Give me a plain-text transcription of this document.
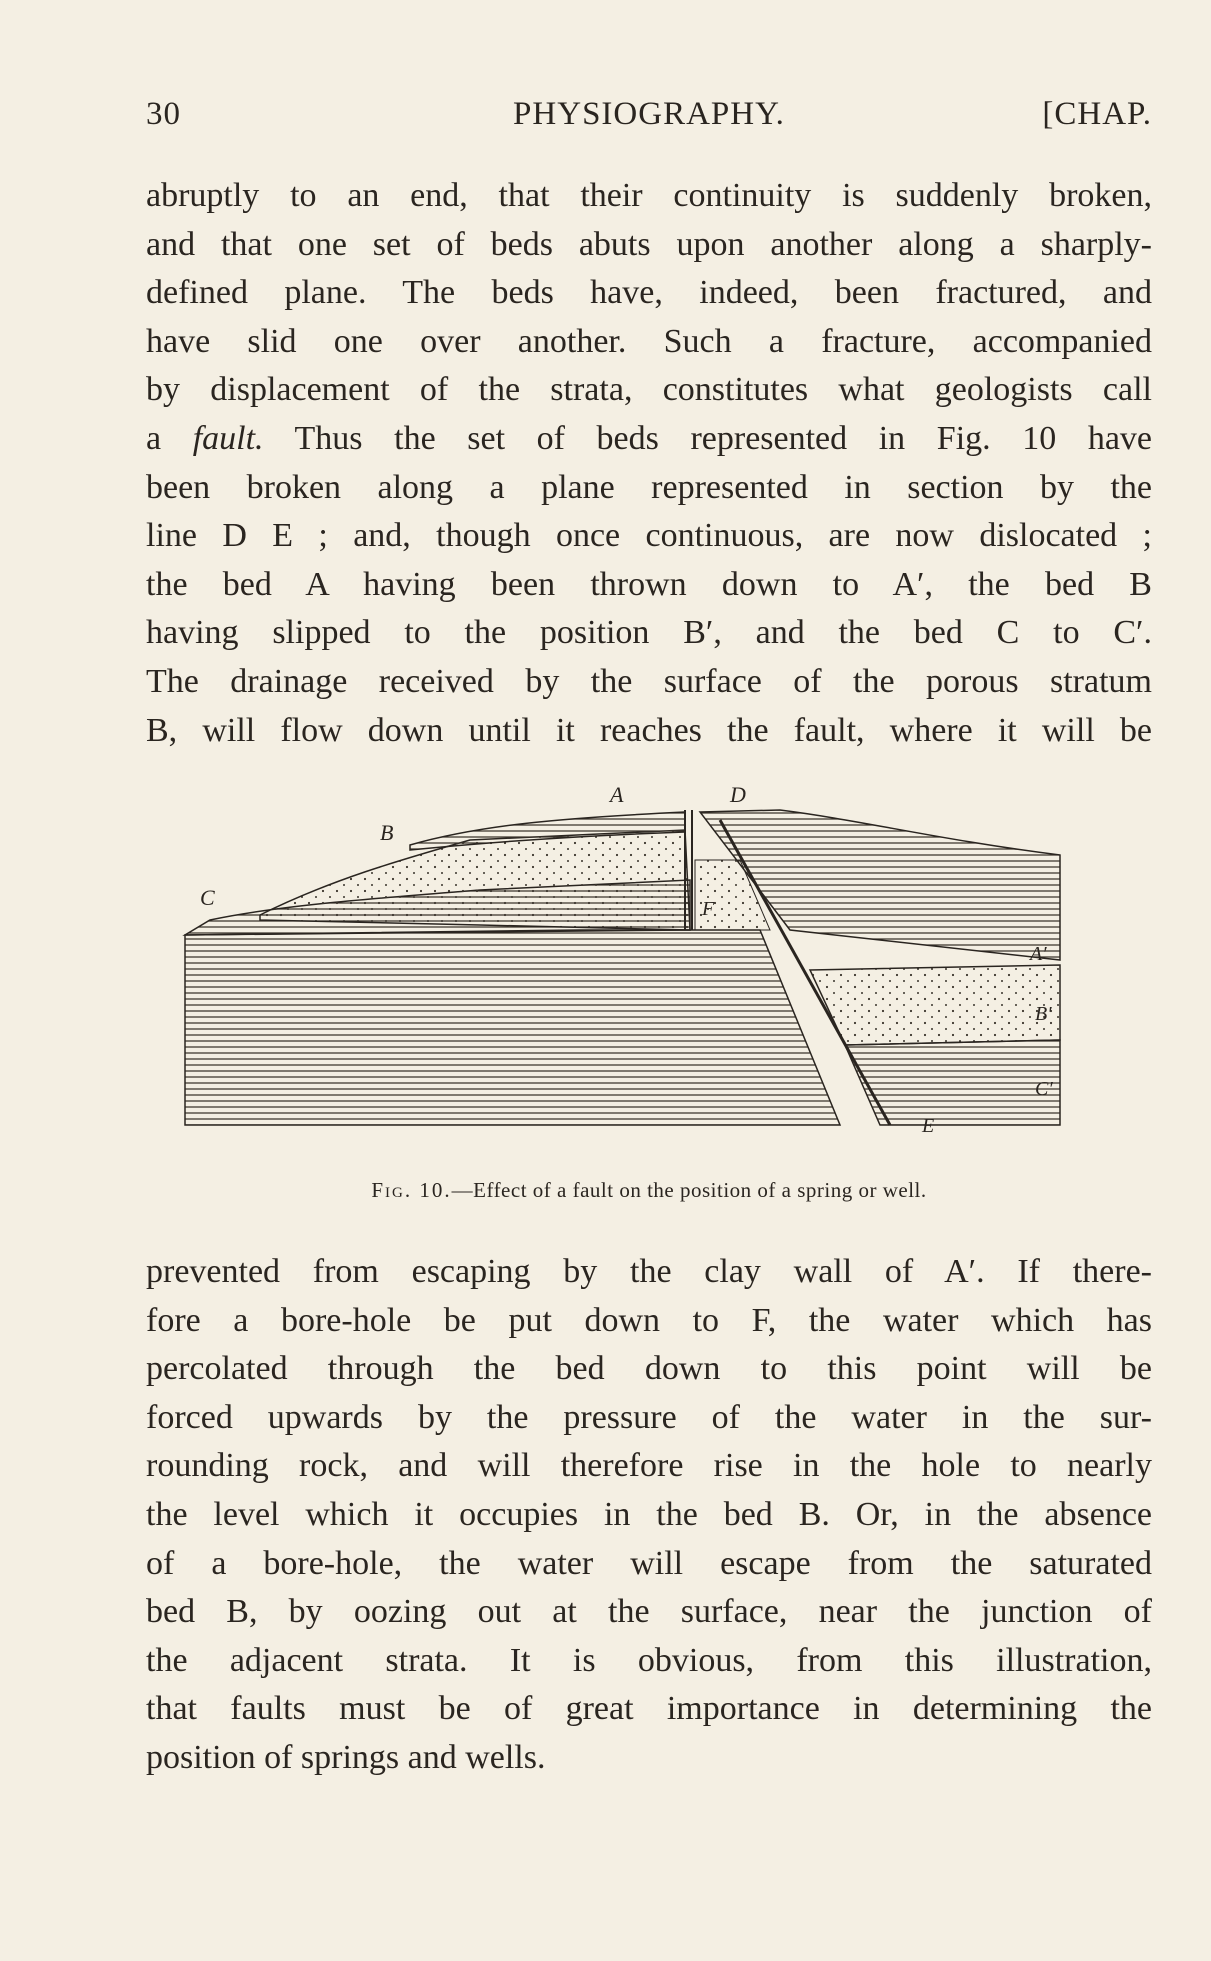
30	PHYSIOGRAPHY.	[CHAP.
abruptly to an end, that their continuity is suddenly broken,
and that one set of beds abuts upon another along a sharply-
defined plane. The beds have, indeed, been fractured, and
have slid one over another. Such a fracture, accompanied
by displacement of the strata, constitutes what geologists call
a fault. Thus the set of beds represented in Fig. 10 have
been broken along a plane represented in section by the
line D E ; and, though once continuous, are now dislocated ;
the bed A having been thrown down to A′, the bed B
having slipped to the position B′, and the bed C to C′.
The drainage received by the surface of the porous stratum
B, will flow down until it reaches the fault, where it will be
A
B
C
D
F
A′
B′
C′
E
Fig. 10.—Effect of a fault on the position of a spring or well.
prevented from escaping by the clay wall of A′. If there-
fore a bore-hole be put down to F, the water which has
percolated through the bed down to this point will be
forced upwards by the pressure of the water in the sur-
rounding rock, and will therefore rise in the hole to nearly
the level which it occupies in the bed B. Or, in the absence
of a bore-hole, the water will escape from the saturated
bed B, by oozing out at the surface, near the junction of
the adjacent strata. It is obvious, from this illustration,
that faults must be of great importance in determining the
position of springs and wells.
